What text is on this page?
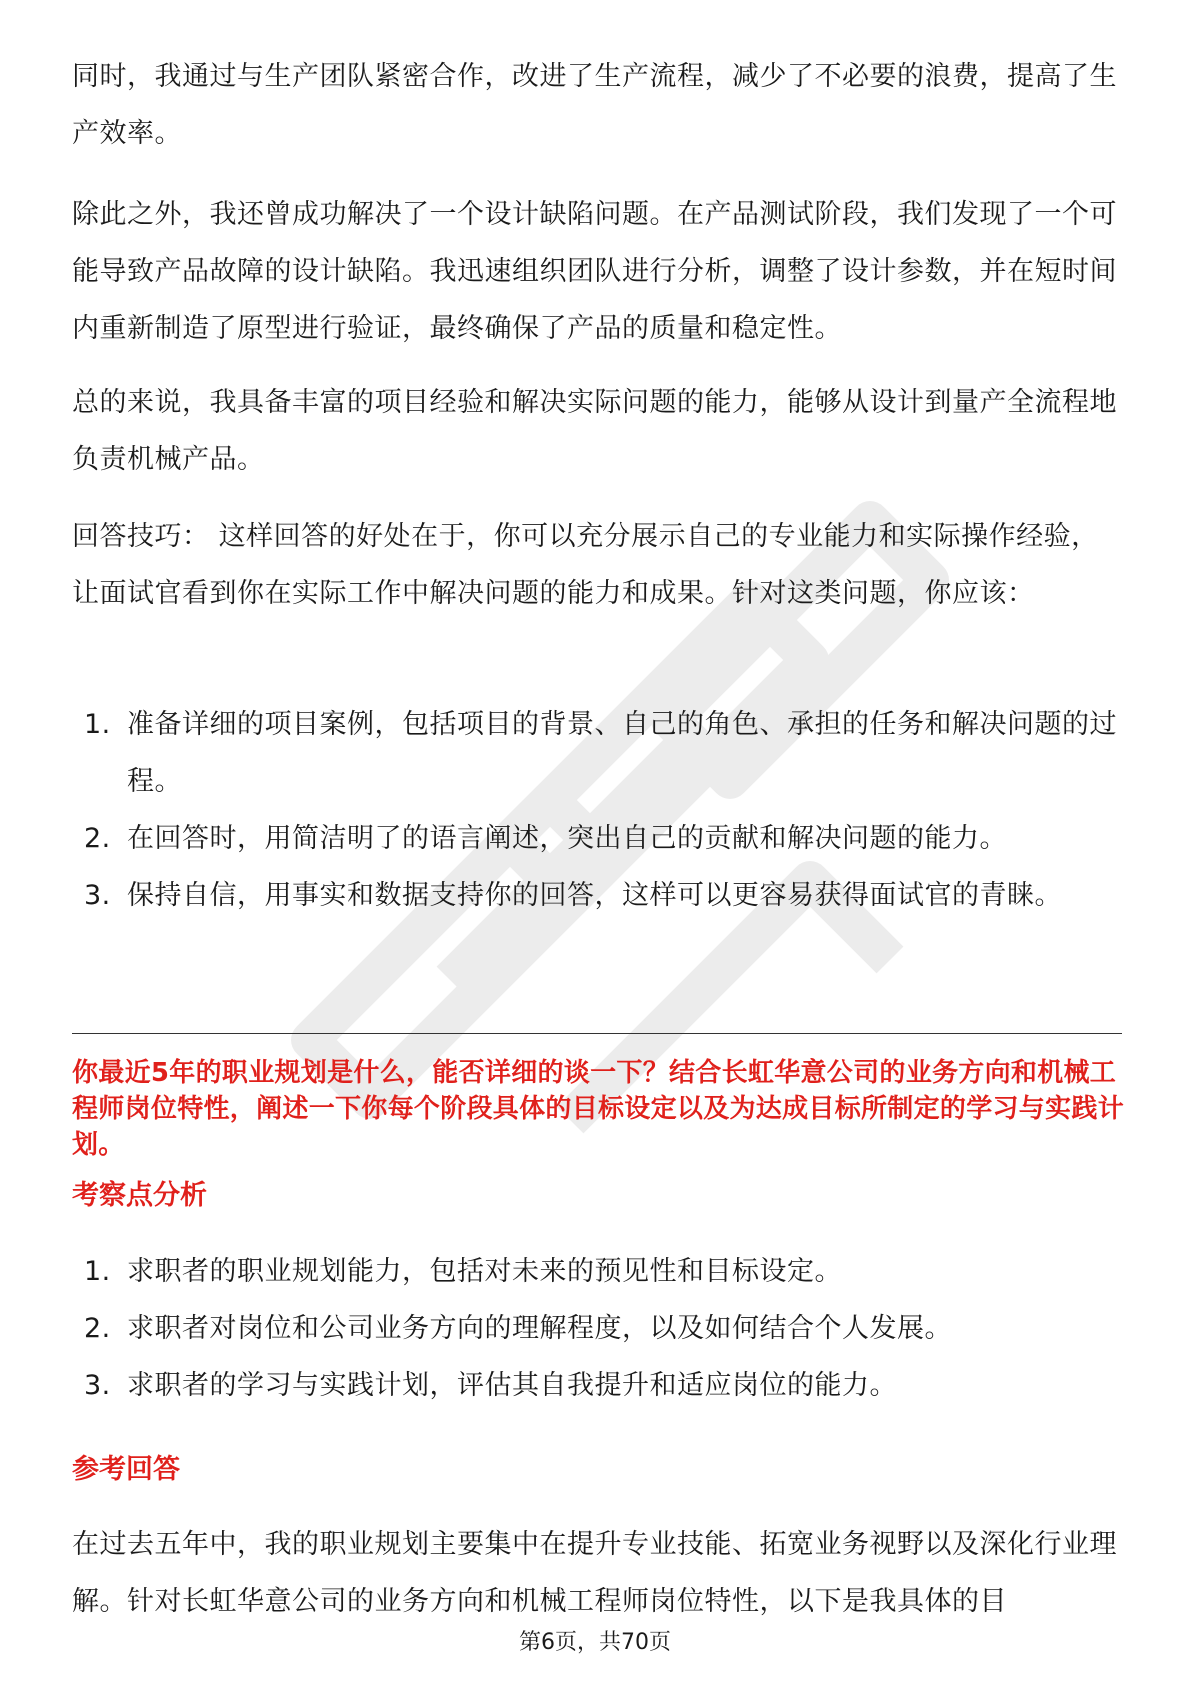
同时，我通过与生产团队紧密合作，改进了生产流程，减少了不必要的浪费，提高了生产效率。

除此之外，我还曾成功解决了一个设计缺陷问题。在产品测试阶段，我们发现了一个可能导致产品故障的设计缺陷。我迅速组织团队进行分析，调整了设计参数，并在短时间内重新制造了原型进行验证，最终确保了产品的质量和稳定性。

总的来说，我具备丰富的项目经验和解决实际问题的能力，能够从设计到量产全流程地负责机械产品。

回答技巧： 这样回答的好处在于，你可以充分展示自己的专业能力和实际操作经验，让面试官看到你在实际工作中解决问题的能力和成果。针对这类问题，你应该：

1. 准备详细的项目案例，包括项目的背景、自己的角色、承担的任务和解决问题的过程。
2. 在回答时，用简洁明了的语言阐述，突出自己的贡献和解决问题的能力。
3. 保持自信，用事实和数据支持你的回答，这样可以更容易获得面试官的青睐。

你最近5年的职业规划是什么，能否详细的谈一下？结合长虹华意公司的业务方向和机械工程师岗位特性，阐述一下你每个阶段具体的目标设定以及为达成目标所制定的学习与实践计划。

考察点分析
1. 求职者的职业规划能力，包括对未来的预见性和目标设定。
2. 求职者对岗位和公司业务方向的理解程度，以及如何结合个人发展。
3. 求职者的学习与实践计划，评估其自我提升和适应岗位的能力。
参考回答

在过去五年中，我的职业规划主要集中在提升专业技能、拓宽业务视野以及深化行业理解。针对长虹华意公司的业务方向和机械工程师岗位特性，以下是我具体的目

第6页，共70页
